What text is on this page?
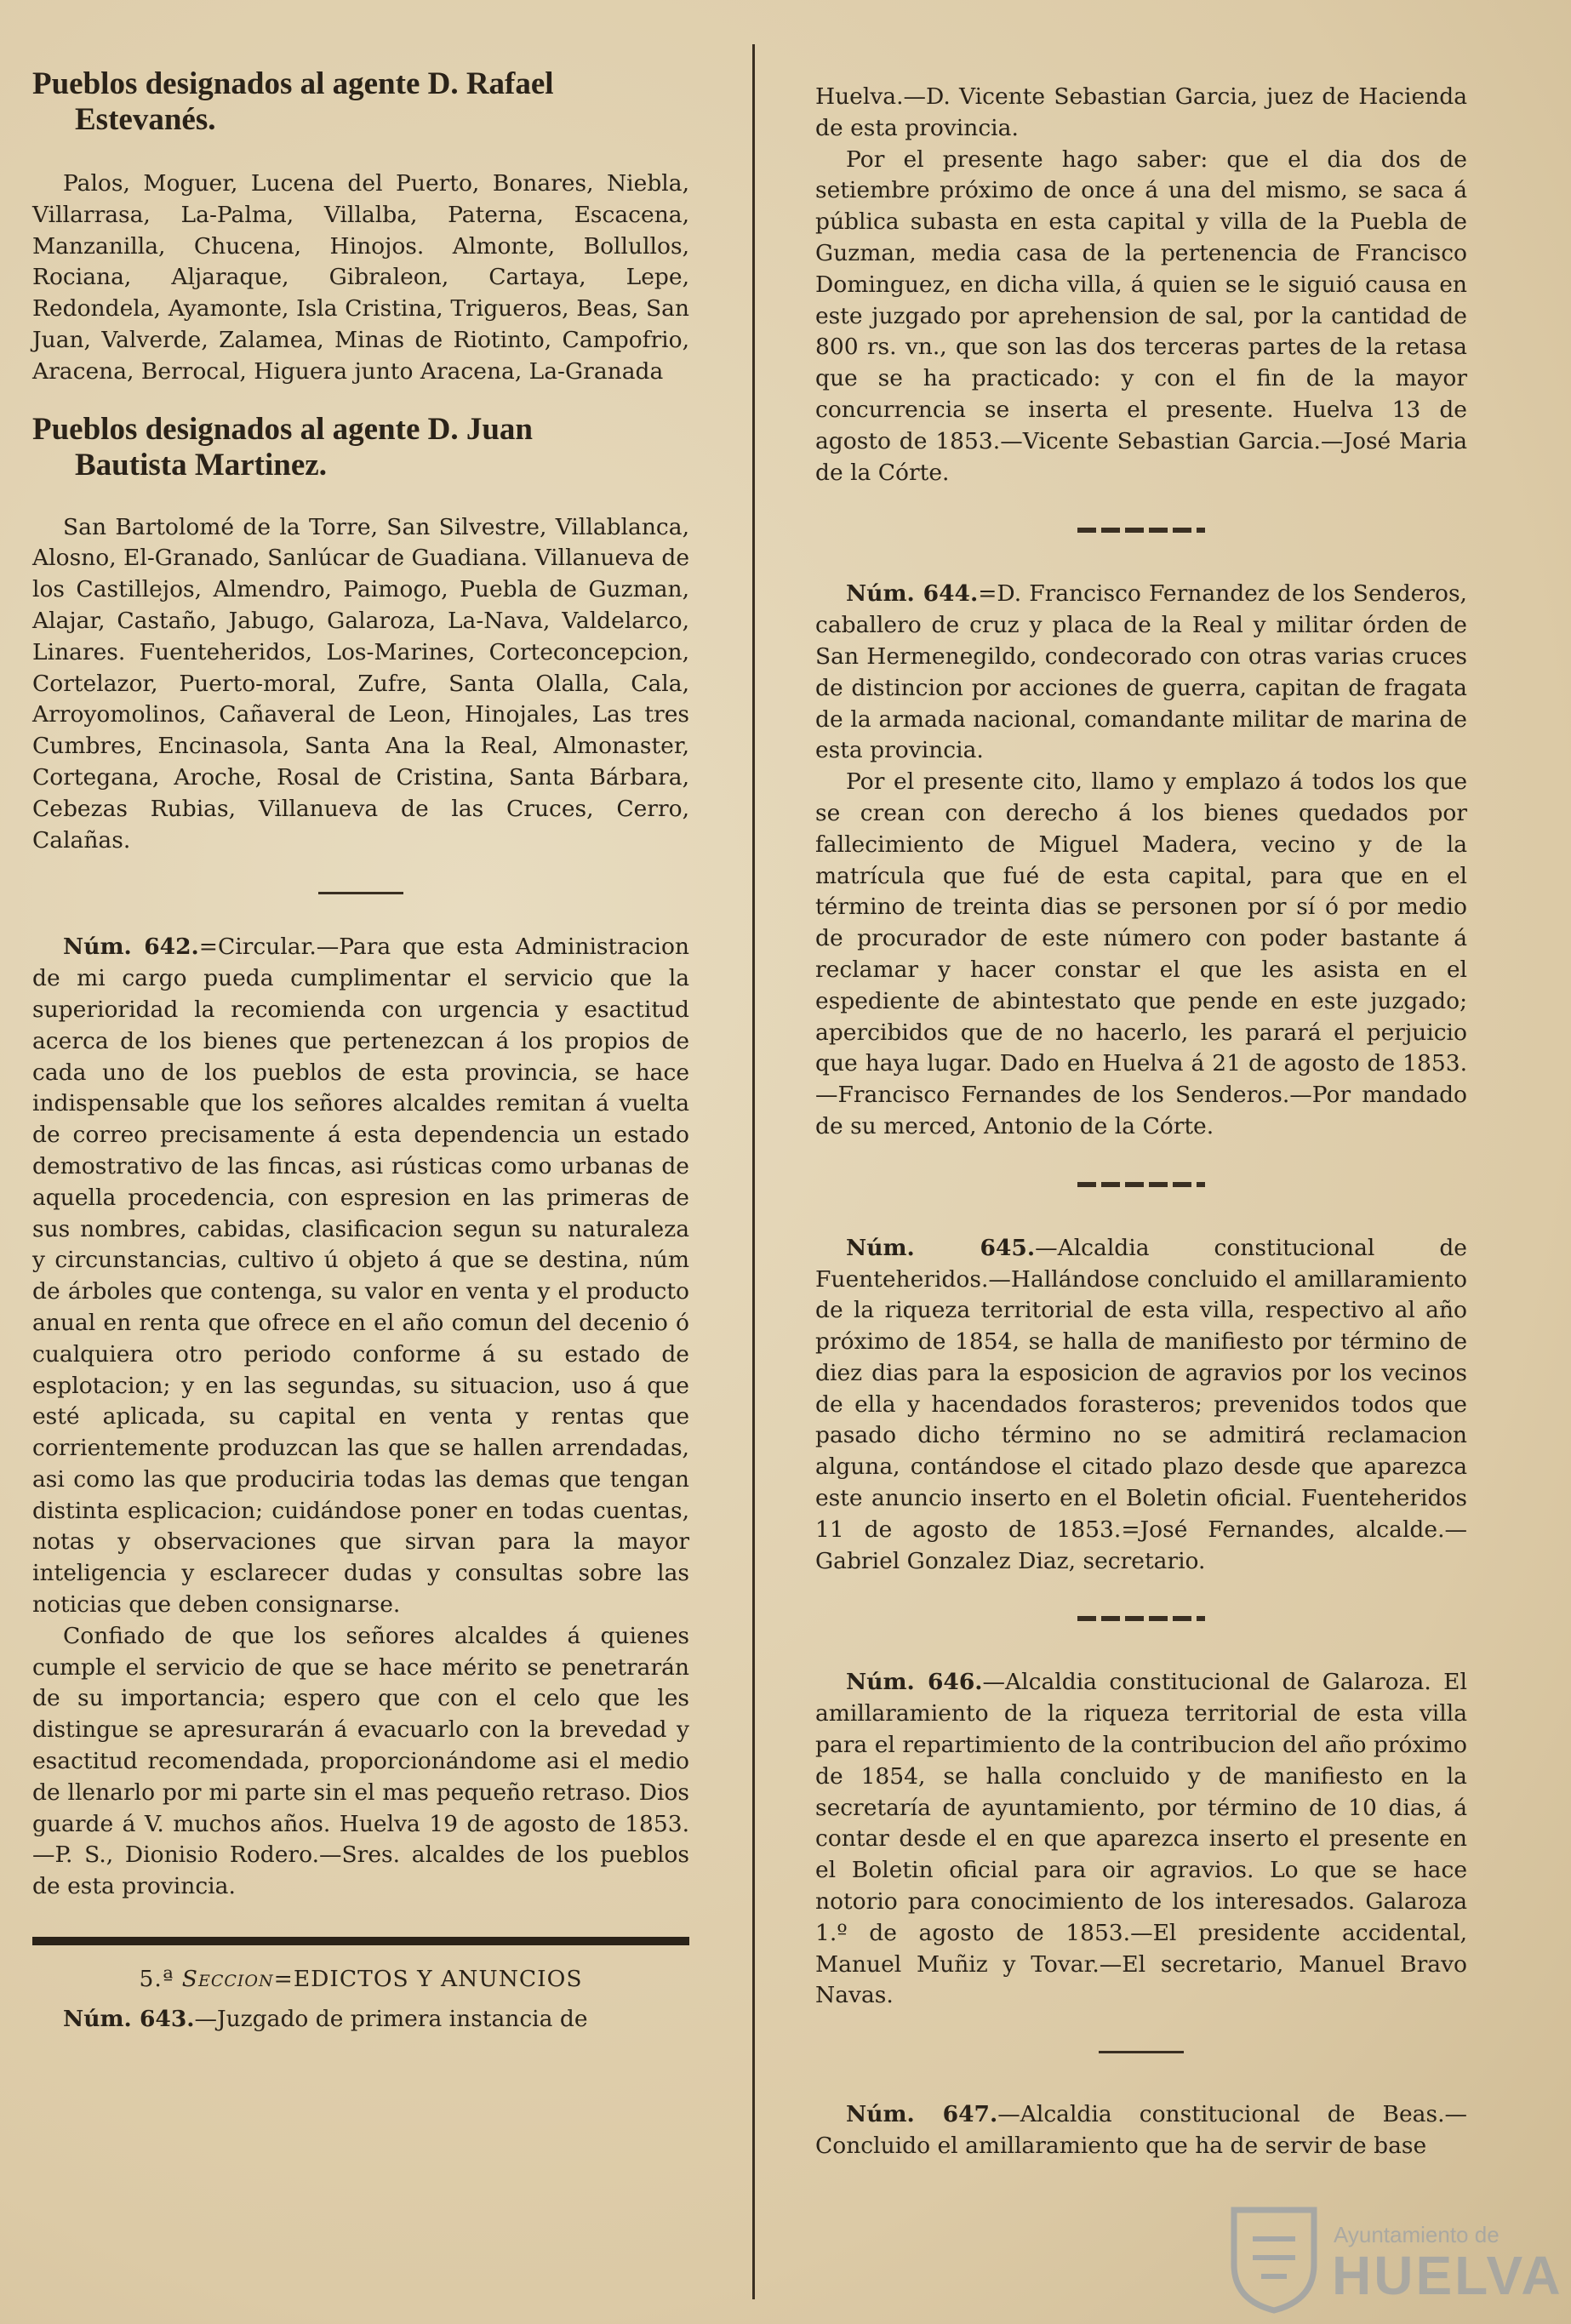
Pueblos designados al agente D. Rafael
Estevanés.

Palos, Moguer, Lucena del Puerto, Bonares, Niebla, Villarrasa, La-Palma, Villalba, Paterna, Escacena, Manzanilla, Chucena, Hinojos. Almonte, Bollullos, Rociana, Aljaraque, Gibraleon, Cartaya, Lepe, Redondela, Ayamonte, Isla Cristina, Trigueros, Beas, San Juan, Valverde, Zalamea, Minas de Riotinto, Campofrio, Aracena, Berrocal, Higuera junto Aracena, La-Granada

Pueblos designados al agente D. Juan
Bautista Martinez.

San Bartolomé de la Torre, San Silvestre, Villablanca, Alosno, El-Granado, Sanlúcar de Guadiana. Villanueva de los Castillejos, Almendro, Paimogo, Puebla de Guzman, Alajar, Castaño, Jabugo, Galaroza, La-Nava, Valdelarco, Linares. Fuenteheridos, Los-Marines, Corteconcepcion, Cortelazor, Puerto-moral, Zufre, Santa Olalla, Cala, Arroyomolinos, Cañaveral de Leon, Hinojales, Las tres Cumbres, Encinasola, Santa Ana la Real, Almonaster, Cortegana, Aroche, Rosal de Cristina, Santa Bárbara, Cebezas Rubias, Villanueva de las Cruces, Cerro, Calañas.

Núm. 642.=Circular.—Para que esta Administracion de mi cargo pueda cumplimentar el servicio que la superioridad la recomienda con urgencia y esactitud acerca de los bienes que pertenezcan á los propios de cada uno de los pueblos de esta provincia, se hace indispensable que los señores alcaldes remitan á vuelta de correo precisamente á esta dependencia un estado demostrativo de las fincas, asi rústicas como urbanas de aquella procedencia, con espresion en las primeras de sus nombres, cabidas, clasificacion segun su naturaleza y circunstancias, cultivo ú objeto á que se destina, núm de árboles que contenga, su valor en venta y el producto anual en renta que ofrece en el año comun del decenio ó cualquiera otro periodo conforme á su estado de esplotacion; y en las segundas, su situacion, uso á que esté aplicada, su capital en venta y rentas que corrientemente produzcan las que se hallen arrendadas, asi como las que produciria todas las demas que tengan distinta esplicacion; cuidándose poner en todas cuentas, notas y observaciones que sirvan para la mayor inteligencia y esclarecer dudas y consultas sobre las noticias que deben consignarse.

Confiado de que los señores alcaldes á quienes cumple el servicio de que se hace mérito se penetrarán de su importancia; espero que con el celo que les distingue se apresurarán á evacuarlo con la brevedad y esactitud recomendada, proporcionándome asi el medio de llenarlo por mi parte sin el mas pequeño retraso. Dios guarde á V. muchos años. Huelva 19 de agosto de 1853.—P. S., Dionisio Rodero.—Sres. alcaldes de los pueblos de esta provincia.

5.ª Seccion=EDICTOS Y ANUNCIOS

Núm. 643.—Juzgado de primera instancia de

Huelva.—D. Vicente Sebastian Garcia, juez de Hacienda de esta provincia.

Por el presente hago saber: que el dia dos de setiembre próximo de once á una del mismo, se saca á pública subasta en esta capital y villa de la Puebla de Guzman, media casa de la pertenencia de Francisco Dominguez, en dicha villa, á quien se le siguió causa en este juzgado por aprehension de sal, por la cantidad de 800 rs. vn., que son las dos terceras partes de la retasa que se ha practicado: y con el fin de la mayor concurrencia se inserta el presente. Huelva 13 de agosto de 1853.—Vicente Sebastian Garcia.—José Maria de la Córte.

Núm. 644.=D. Francisco Fernandez de los Senderos, caballero de cruz y placa de la Real y militar órden de San Hermenegildo, condecorado con otras varias cruces de distincion por acciones de guerra, capitan de fragata de la armada nacional, comandante militar de marina de esta provincia.

Por el presente cito, llamo y emplazo á todos los que se crean con derecho á los bienes quedados por fallecimiento de Miguel Madera, vecino y de la matrícula que fué de esta capital, para que en el término de treinta dias se personen por sí ó por medio de procurador de este número con poder bastante á reclamar y hacer constar el que les asista en el espediente de abintestato que pende en este juzgado; apercibidos que de no hacerlo, les parará el perjuicio que haya lugar. Dado en Huelva á 21 de agosto de 1853.—Francisco Fernandes de los Senderos.—Por mandado de su merced, Antonio de la Córte.

Núm. 645.—Alcaldia constitucional de Fuenteheridos.—Hallándose concluido el amillaramiento de la riqueza territorial de esta villa, respectivo al año próximo de 1854, se halla de manifiesto por término de diez dias para la esposicion de agravios por los vecinos de ella y hacendados forasteros; prevenidos todos que pasado dicho término no se admitirá reclamacion alguna, contándose el citado plazo desde que aparezca este anuncio inserto en el Boletin oficial. Fuenteheridos 11 de agosto de 1853.=José Fernandes, alcalde.—Gabriel Gonzalez Diaz, secretario.

Núm. 646.—Alcaldia constitucional de Galaroza. El amillaramiento de la riqueza territorial de esta villa para el repartimiento de la contribucion del año próximo de 1854, se halla concluido y de manifiesto en la secretaría de ayuntamiento, por término de 10 dias, á contar desde el en que aparezca inserto el presente en el Boletin oficial para oir agravios. Lo que se hace notorio para conocimiento de los interesados. Galaroza 1.º de agosto de 1853.—El presidente accidental, Manuel Muñiz y Tovar.—El secretario, Manuel Bravo Navas.

Núm. 647.—Alcaldia constitucional de Beas.—Concluido el amillaramiento que ha de servir de base

Ayuntamiento de
HUELVA
